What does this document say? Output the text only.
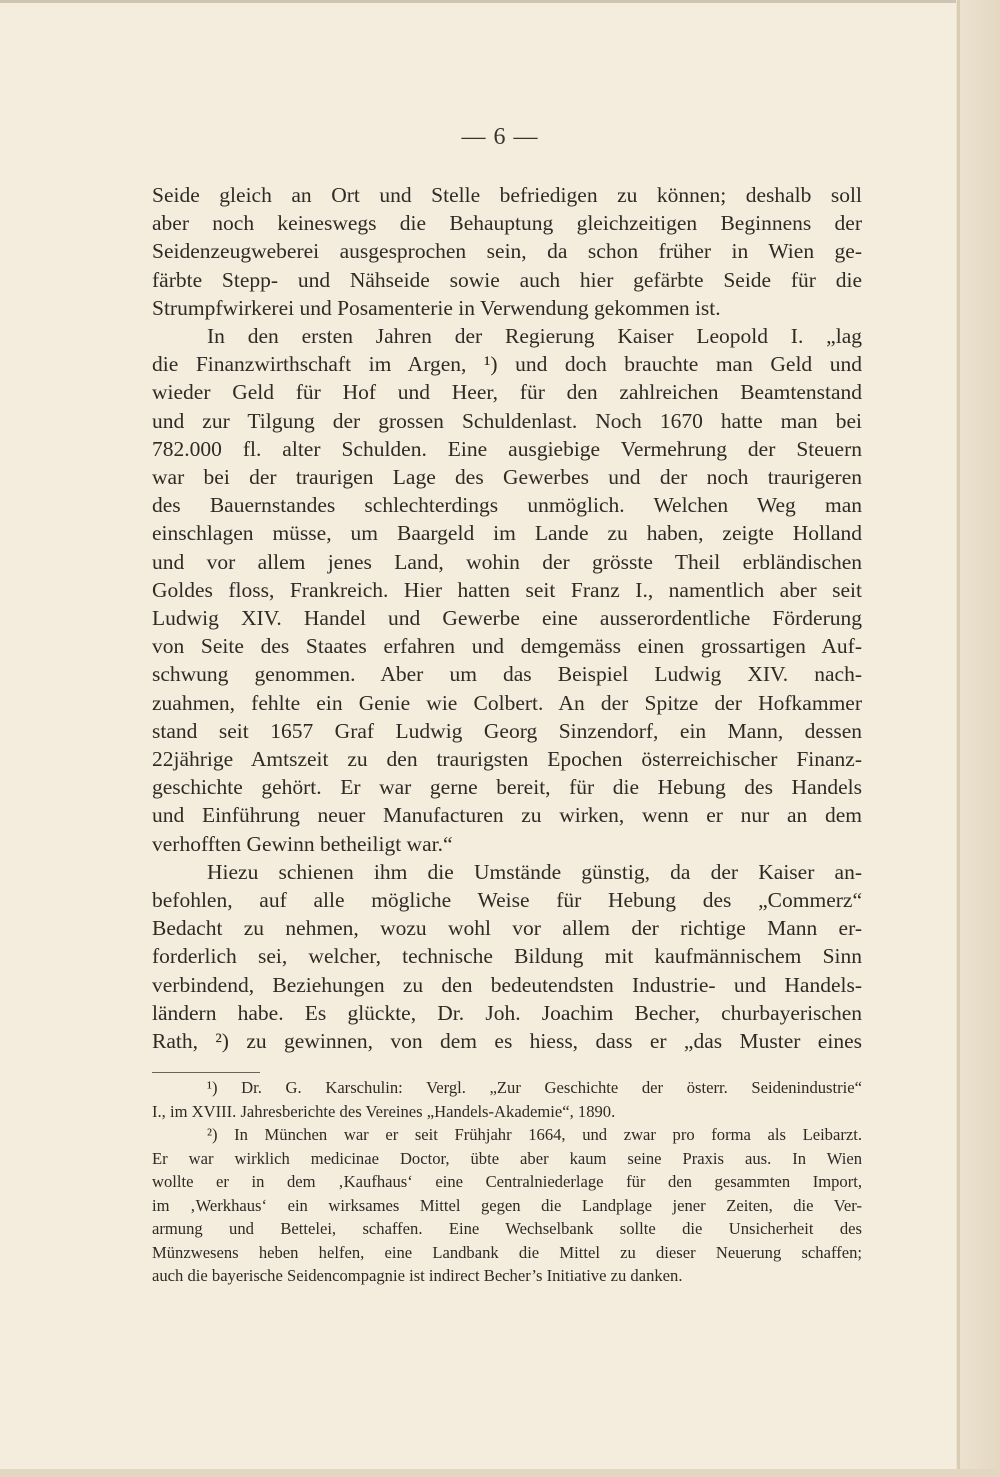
— 6 —
Seide gleich an Ort und Stelle befriedigen zu können; deshalb soll
aber noch keineswegs die Behauptung gleichzeitigen Beginnens der
Seidenzeugweberei ausgesprochen sein, da schon früher in Wien ge-
färbte Stepp- und Nähseide sowie auch hier gefärbte Seide für die
Strumpfwirkerei und Posamenterie in Verwendung gekommen ist.
In den ersten Jahren der Regierung Kaiser Leopold I. „lag
die Finanzwirthschaft im Argen, ¹) und doch brauchte man Geld und
wieder Geld für Hof und Heer, für den zahlreichen Beamtenstand
und zur Tilgung der grossen Schuldenlast. Noch 1670 hatte man bei
782.000 fl. alter Schulden. Eine ausgiebige Vermehrung der Steuern
war bei der traurigen Lage des Gewerbes und der noch traurigeren
des Bauernstandes schlechterdings unmöglich. Welchen Weg man
einschlagen müsse, um Baargeld im Lande zu haben, zeigte Holland
und vor allem jenes Land, wohin der grösste Theil erbländischen
Goldes floss, Frankreich. Hier hatten seit Franz I., namentlich aber seit
Ludwig XIV. Handel und Gewerbe eine ausserordentliche Förderung
von Seite des Staates erfahren und demgemäss einen grossartigen Auf-
schwung genommen. Aber um das Beispiel Ludwig XIV. nach-
zuahmen, fehlte ein Genie wie Colbert. An der Spitze der Hofkammer
stand seit 1657 Graf Ludwig Georg Sinzendorf, ein Mann, dessen
22jährige Amtszeit zu den traurigsten Epochen österreichischer Finanz-
geschichte gehört. Er war gerne bereit, für die Hebung des Handels
und Einführung neuer Manufacturen zu wirken, wenn er nur an dem
verhofften Gewinn betheiligt war.“
Hiezu schienen ihm die Umstände günstig, da der Kaiser an-
befohlen, auf alle mögliche Weise für Hebung des „Commerz“
Bedacht zu nehmen, wozu wohl vor allem der richtige Mann er-
forderlich sei, welcher, technische Bildung mit kaufmännischem Sinn
verbindend, Beziehungen zu den bedeutendsten Industrie- und Handels-
ländern habe. Es glückte, Dr. Joh. Joachim Becher, churbayerischen
Rath, ²) zu gewinnen, von dem es hiess, dass er „das Muster eines
¹) Dr. G. Karschulin: Vergl. „Zur Geschichte der österr. Seidenindustrie“
I., im XVIII. Jahresberichte des Vereines „Handels-Akademie“, 1890.
²) In München war er seit Frühjahr 1664, und zwar pro forma als Leibarzt.
Er war wirklich medicinae Doctor, übte aber kaum seine Praxis aus. In Wien
wollte er in dem ‚Kaufhaus‘ eine Centralniederlage für den gesammten Import,
im ‚Werkhaus‘ ein wirksames Mittel gegen die Landplage jener Zeiten, die Ver-
armung und Bettelei, schaffen. Eine Wechselbank sollte die Unsicherheit des
Münzwesens heben helfen, eine Landbank die Mittel zu dieser Neuerung schaffen;
auch die bayerische Seidencompagnie ist indirect Becher’s Initiative zu danken.
